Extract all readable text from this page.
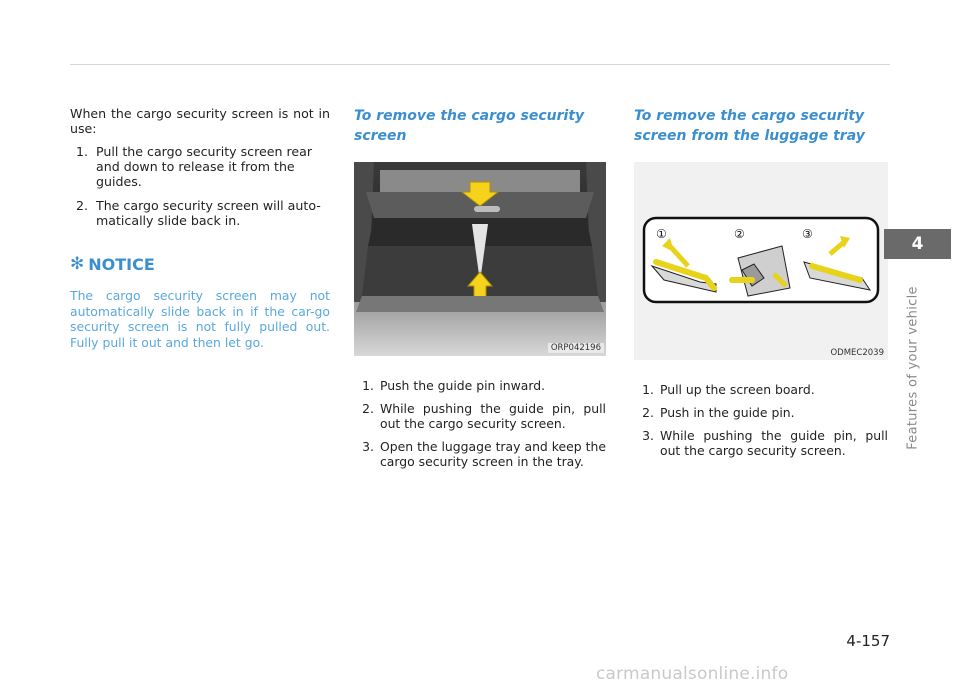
When the cargo security screen is not in use:

1. Pull the cargo security screen rear and down to release it from the guides.
2. The cargo security screen will auto-matically slide back in.
✻ NOTICE

The cargo security screen may not automatically slide back in if the car-go security screen is not fully pulled out. Fully pull it out and then let go.

To remove the cargo security screen
ORP042196
1. Push the guide pin inward.
2. While pushing the guide pin, pull out the cargo security screen.
3. Open the luggage tray and keep the cargo security screen in the tray.
To remove the cargo security screen from the luggage tray
①	②	③
ODMEC2039
1. Pull up the screen board.
2. Push in the guide pin.
3. While pushing the guide pin, pull out the cargo security screen.
4
Features of your vehicle
4-157
carmanualsonline.info
